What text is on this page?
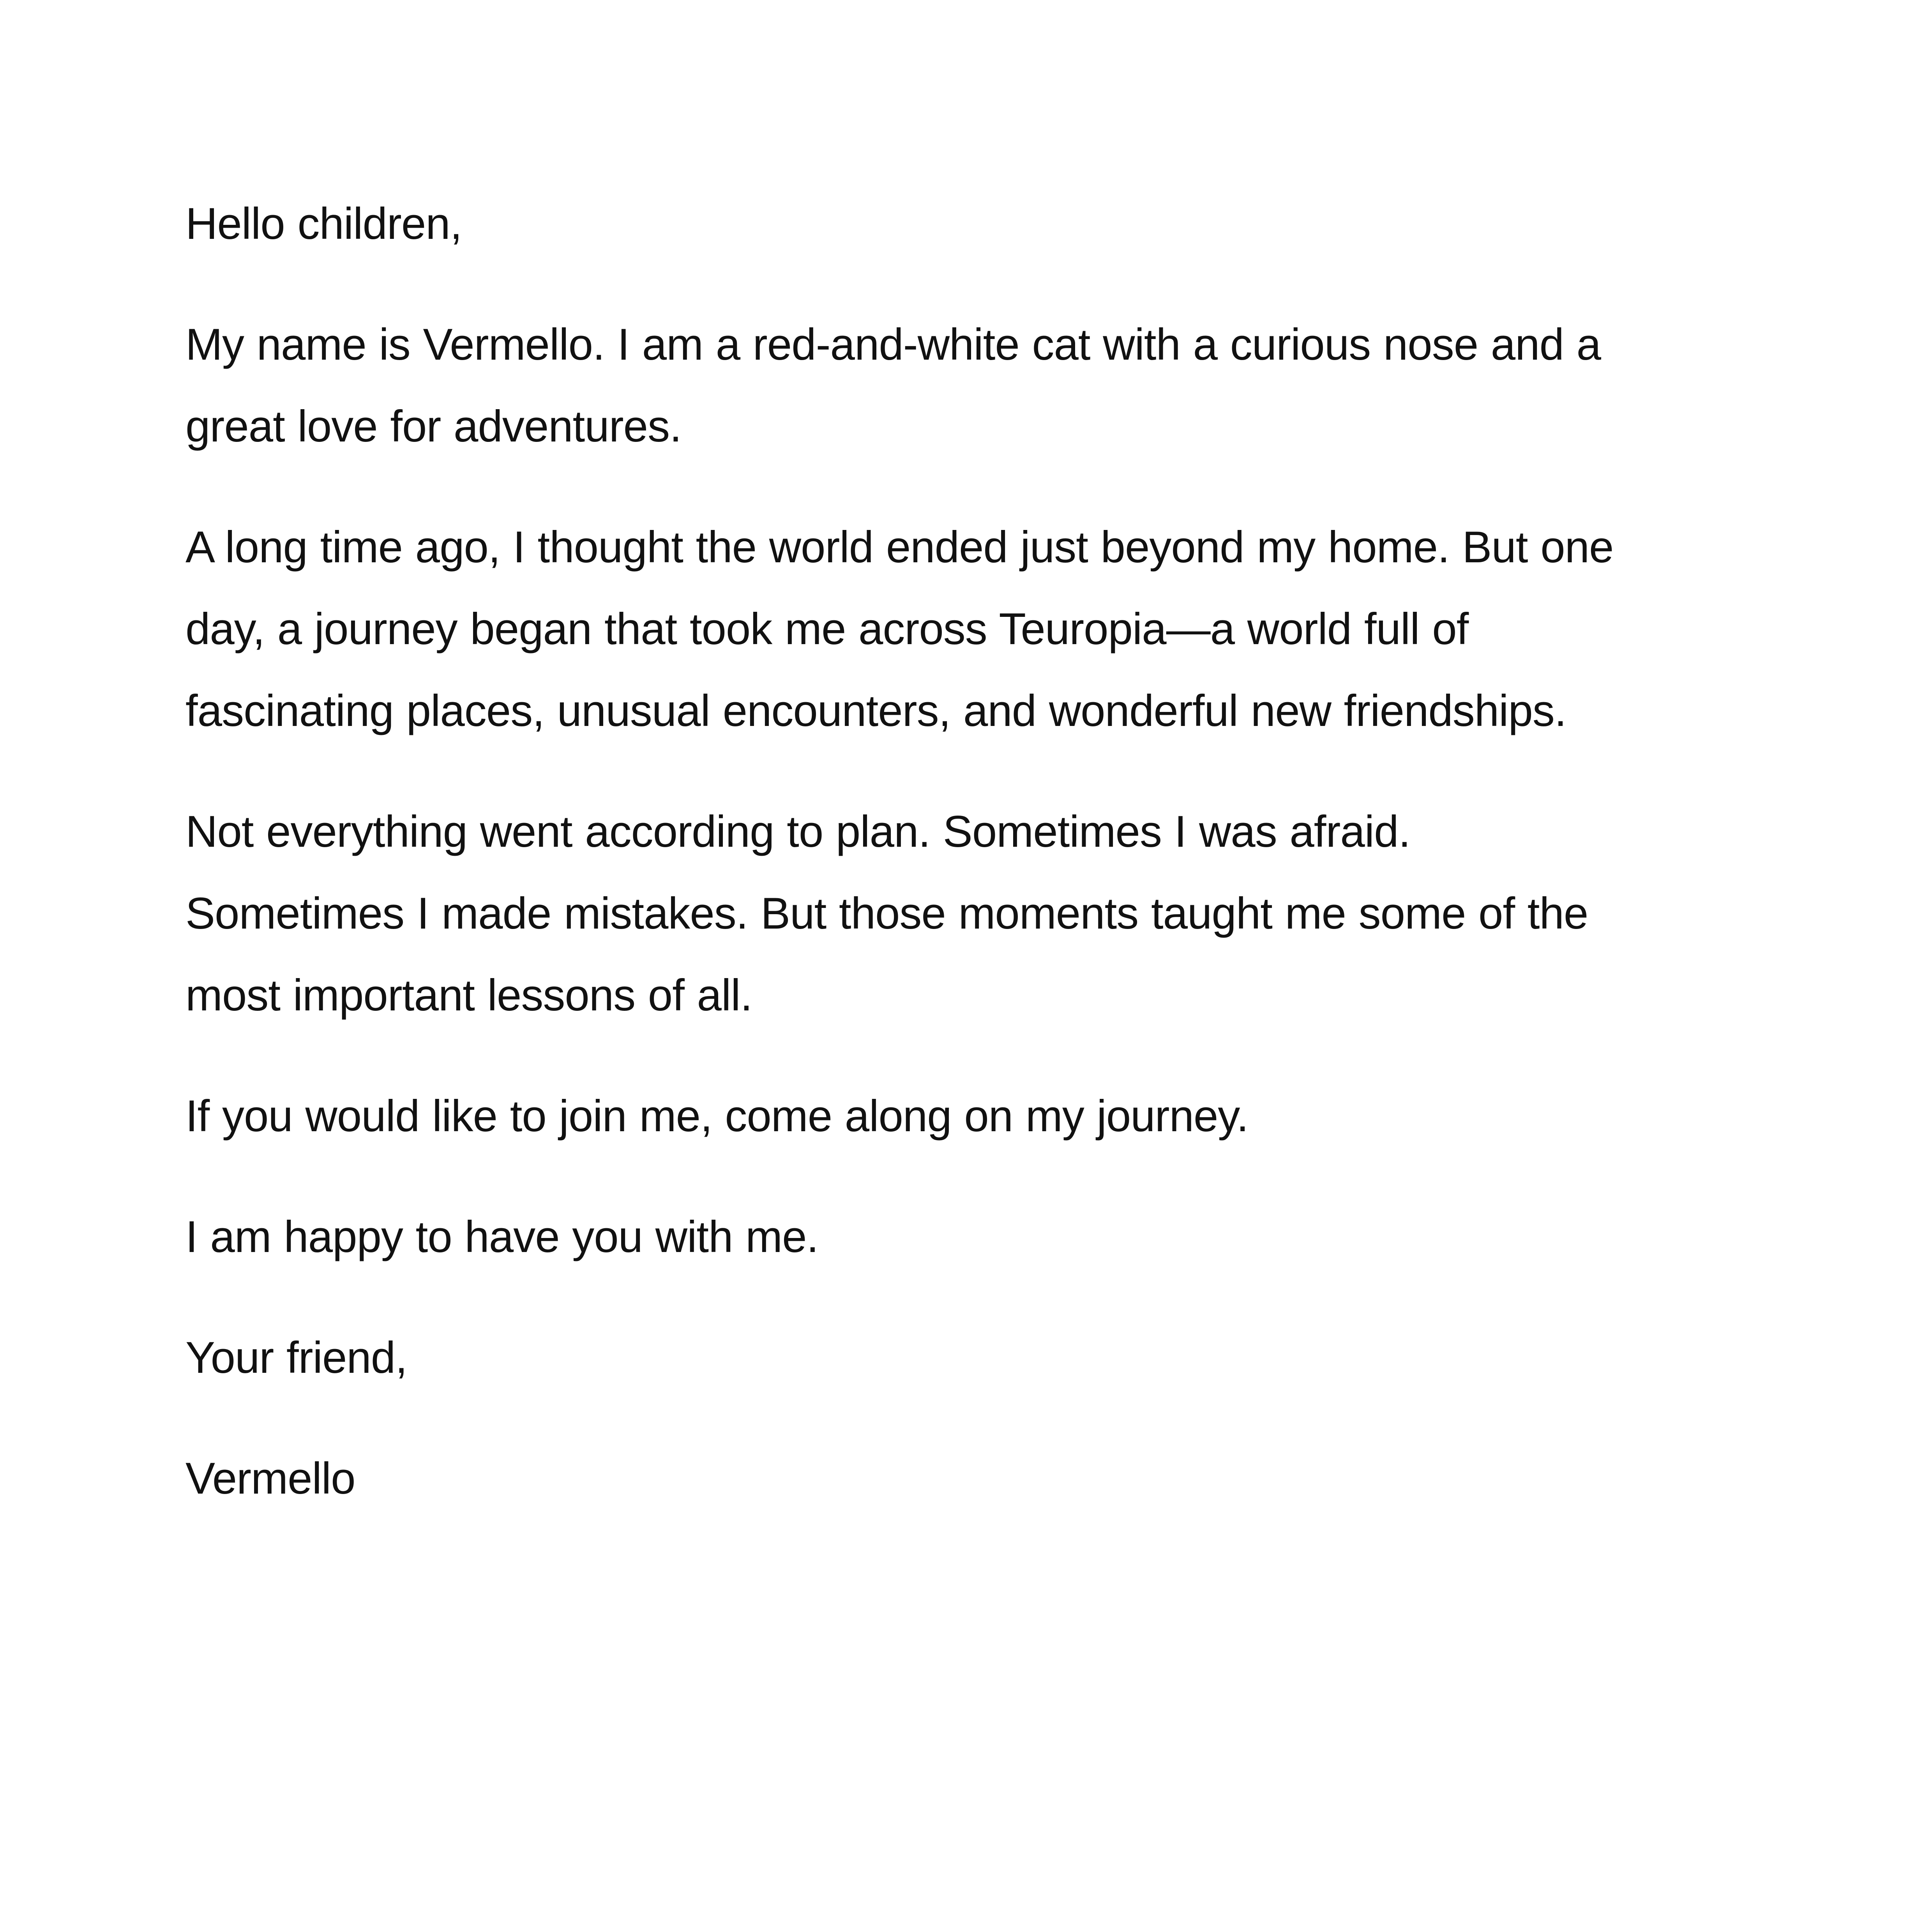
Hello children,

My name is Vermello. I am a red-and-white cat with a curious nose and a
great love for adventures.

A long time ago, I thought the world ended just beyond my home. But one
day, a journey began that took me across Teuropia—a world full of
fascinating places, unusual encounters, and wonderful new friendships.

Not everything went according to plan. Sometimes I was afraid.
Sometimes I made mistakes. But those moments taught me some of the
most important lessons of all.

If you would like to join me, come along on my journey.

I am happy to have you with me.

Your friend,

Vermello
